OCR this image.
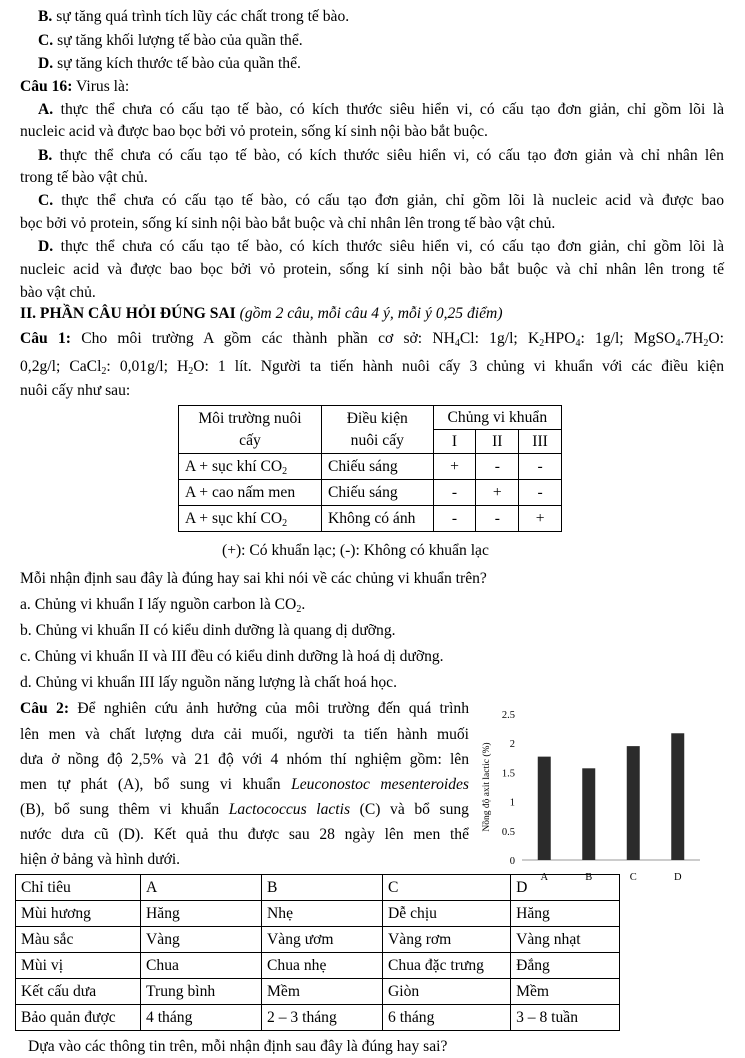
B. sự tăng quá trình tích lũy các chất trong tế bào.
C. sự tăng khối lượng tế bào của quần thể.
D. sự tăng kích thước tế bào của quần thể.
Câu 16: Virus là:
A. thực thể chưa có cấu tạo tế bào, có kích thước siêu hiển vi, có cấu tạo đơn giản, chỉ gồm lõi là
nucleic acid và được bao bọc bởi vỏ protein, sống kí sinh nội bào bắt buộc.
B. thực thể chưa có cấu tạo tế bào, có kích thước siêu hiển vi, có cấu tạo đơn giản và chỉ nhân lên
trong tế bào vật chủ.
C. thực thể chưa có cấu tạo tế bào, có cấu tạo đơn giản, chỉ gồm lõi là nucleic acid và được bao
bọc bởi vỏ protein, sống kí sinh nội bào bắt buộc và chỉ nhân lên trong tế bào vật chủ.
D. thực thể chưa có cấu tạo tế bào, có kích thước siêu hiển vi, có cấu tạo đơn giản, chỉ gồm lõi là
nucleic acid và được bao bọc bởi vỏ protein, sống kí sinh nội bào bắt buộc và chỉ nhân lên trong tế
bào vật chủ.
II. PHẦN CÂU HỎI ĐÚNG SAI (gồm 2 câu, mỗi câu 4 ý, mỗi ý 0,25 điểm)
Câu 1: Cho môi trường A gồm các thành phần cơ sở: $NH_4Cl$: 1g/l; $K_2HPO_4$: 1g/l; $MgSO_4.7H_2O$:
0,2g/l; CaCl$_2$: 0,01g/l; $H_2O$: 1 lít. Người ta tiến hành nuôi cấy 3 chủng vi khuẩn với các điều kiện
nuôi cấy như sau:
Môi trường nuôi
cấy	Điều kiện
nuôi cấy	Chủng vi khuẩn		
		I	II	III
A + sục khí $CO_2$	Chiếu sáng	+	-	-
A + cao nấm men	Chiếu sáng	-	+	-
A + sục khí $CO_2$	Không có ánh	-	-	+
(+): Có khuẩn lạc; (-): Không có khuẩn lạc
Mỗi nhận định sau đây là đúng hay sai khi nói về các chủng vi khuẩn trên?
a. Chủng vi khuẩn I lấy nguồn carbon là $CO_2$.
b. Chủng vi khuẩn II có kiểu dinh dưỡng là quang dị dưỡng.
c. Chủng vi khuẩn II và III đều có kiểu dinh dưỡng là hoá dị dưỡng.
d. Chủng vi khuẩn III lấy nguồn năng lượng là chất hoá học.
Câu 2: Để nghiên cứu ảnh hưởng của môi trường đến quá trình
lên men và chất lượng dưa cải muối, người ta tiến hành muối
dưa ở nồng độ 2,5% và 21 độ với 4 nhóm thí nghiệm gồm: lên
men tự phát (A), bổ sung vi khuẩn Leuconostoc mesenteroides
(B), bổ sung thêm vi khuẩn Lactococcus lactis (C) và bổ sung
nước dưa cũ (D). Kết quả thu được sau 28 ngày lên men thể
hiện ở bảng và hình dưới.
Nồng độ axit lactic (%)
0
0.5
1
1.5
2
2.5
A	B	C	D
Chỉ tiêu	A	B	C	D
Mùi hương	Hăng	Nhẹ	Dễ chịu	Hăng
Màu sắc	Vàng	Vàng ươm	Vàng rơm	Vàng nhạt
Mùi vị	Chua	Chua nhẹ	Chua đặc trưng	Đắng
Kết cấu dưa	Trung bình	Mềm	Giòn	Mềm
Bảo quản được	4 tháng	2 – 3 tháng	6 tháng	3 – 8 tuần
Dựa vào các thông tin trên, mỗi nhận định sau đây là đúng hay sai?
